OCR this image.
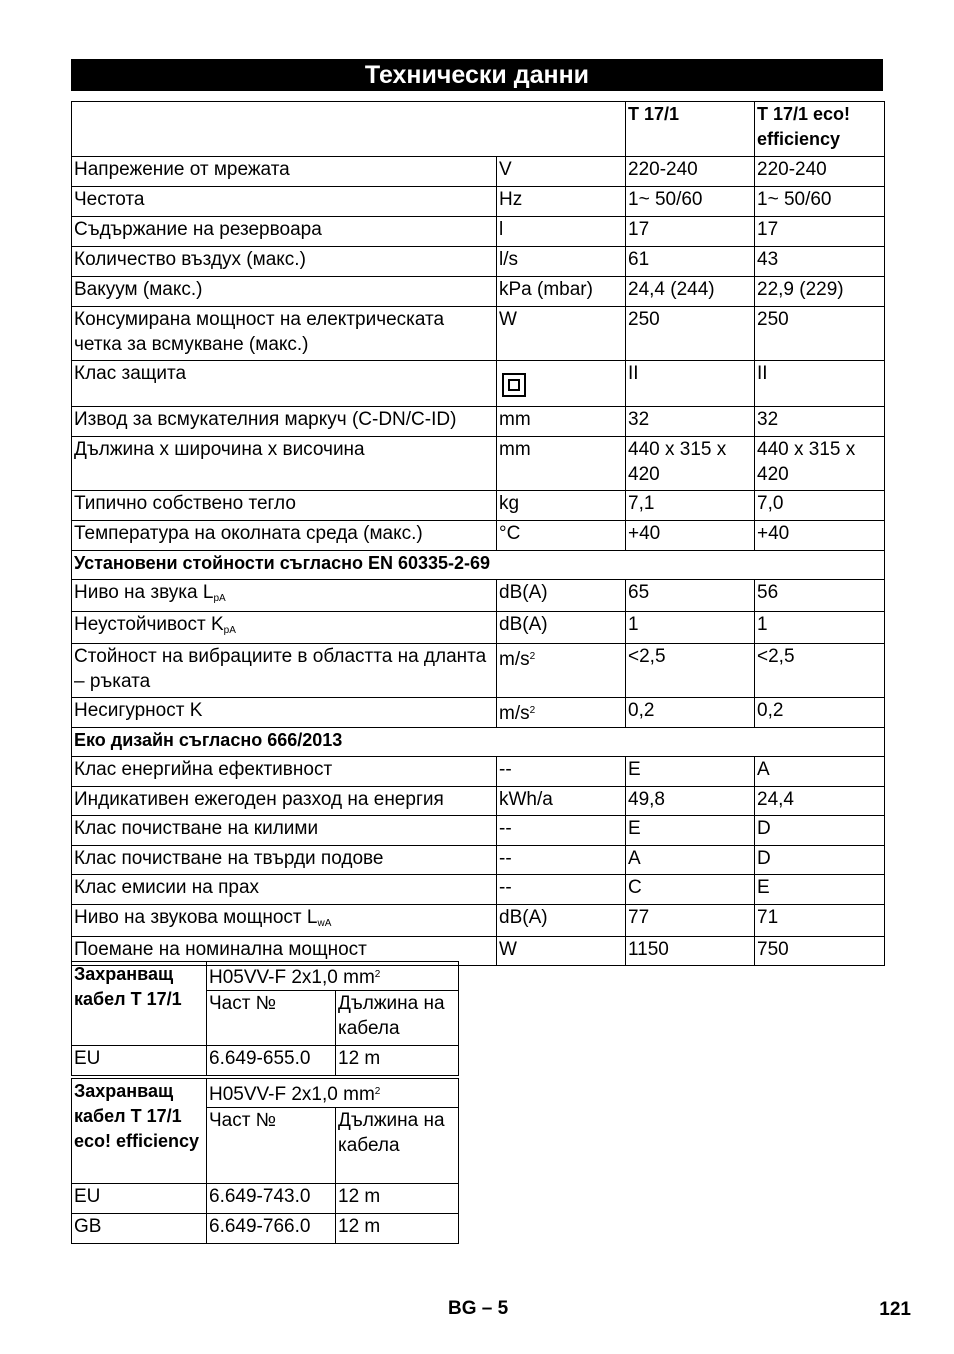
Технически данни
		T 17/1	T 17/1 eco! efficiency
Напрежение от мрежата	V	220-240	220-240
Честота	Hz	1~ 50/60	1~ 50/60
Съдържание на резервоара	l	17	17
Количество въздух (макс.)	l/s	61	43
Вакуум (макс.)	kPa (mbar)	24,4 (244)	22,9 (229)
Консумирана мощност на електрическата четка за всмукване (макс.)	W	250	250
Клас защита		II	II
Извод за всмукателния маркуч (C-DN/C-ID)	mm	32	32
Дължина х широчина х височина	mm	440 x 315 x 420	440 x 315 x 420
Типично собствено тегло	kg	7,1	7,0
Температура на околната среда (макс.)	°C	+40	+40
Установени стойности съгласно EN 60335-2-69			
Ниво на звука $L_{pA}$	dB(A)	65	56
Неустойчивост $K_{pA}$	dB(A)	1	1
Стойност на вибрациите в областта на дланта – ръката	$m/s^2$	<2,5	<2,5
Несигурност K	$m/s^2$	0,2	0,2
Еко дизайн съгласно 666/2013			
Клас енергийна ефективност	--	E	A
Индикативен ежегоден разход на енергия	kWh/a	49,8	24,4
Клас почистване на килими	--	E	D
Клас почистване на твърди подове	--	A	D
Клас емисии на прах	--	C	E
Ниво на звукова мощност $L_{wA}$	dB(A)	77	71
Поемане на номинална мощност	W	1150	750
Захранващ кабел T 17/1	H05VV-F 2x1,0 $mm^2$
	Част №	Дължина на кабела
EU	6.649-655.0	12 m
Захранващ кабел T 17/1 eco! efficiency	H05VV-F 2x1,0 $mm^2$
	Част №	Дължина на кабела
EU	6.649-743.0	12 m
GB	6.649-766.0	12 m
BG – 5	121
